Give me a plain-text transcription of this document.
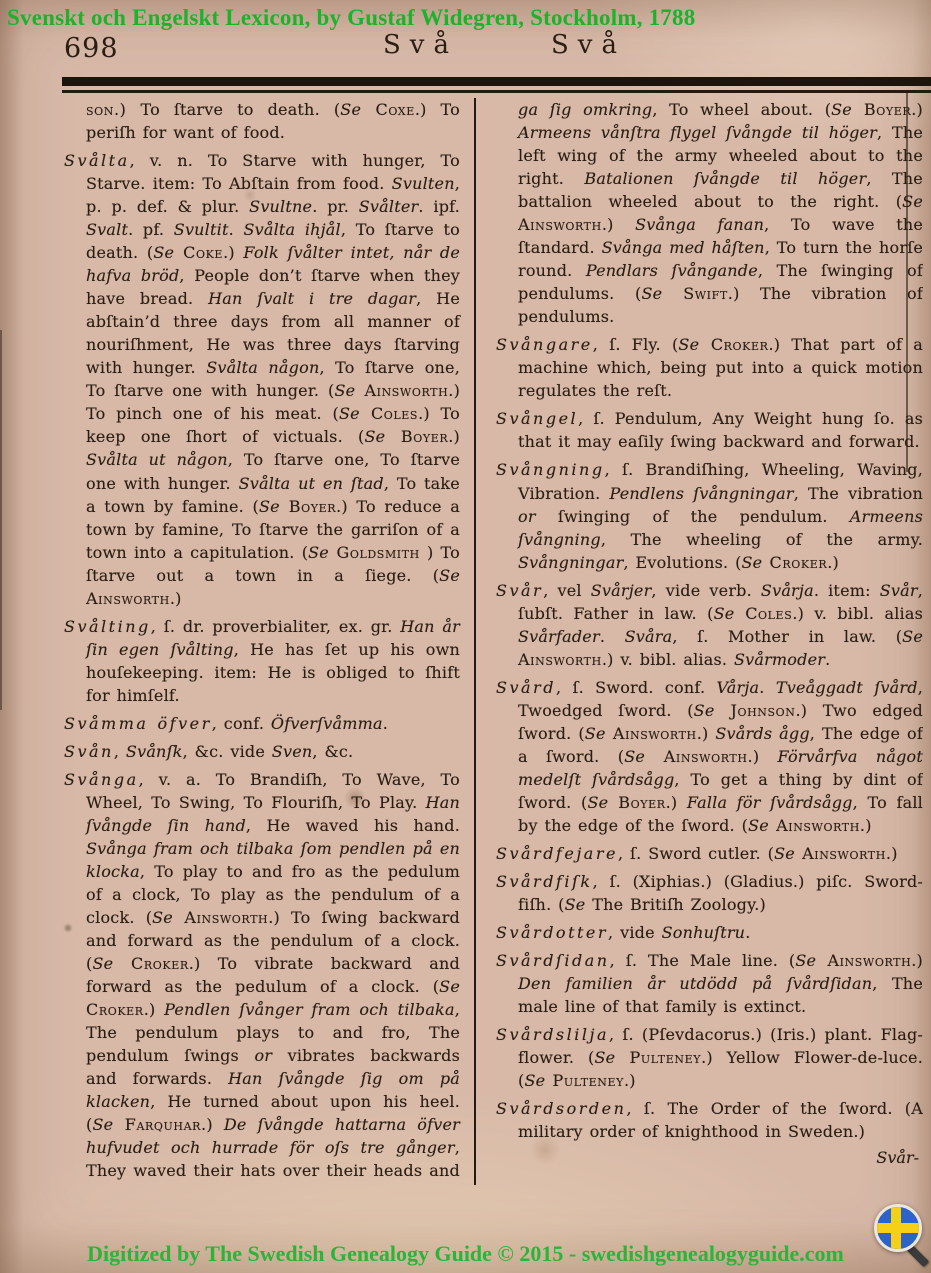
Svenskt och Engelskt Lexicon, by Gustaf Widegren, Stockholm, 1788
698	Svå	Svå

son.) To ſtarve to death. (Se Coxe.) To periſh for want of food.

Svålta, v. n. To Starve with hunger, To Starve. item: To Abſtain from food. Svulten, p. p. def. & plur. Svultne. pr. Svålter. ipf. Svalt. pf. Svultit. Svålta ihjål, To ſtarve to death. (Se Coke.) Folk ſvålter intet, når de hafva bröd, People don’t ſtarve when they have bread. Han ſvalt i tre dagar, He abſtain’d three days from all manner of nouriſhment, He was three days ſtarving with hunger. Svålta någon, To ſtarve one, To ſtarve one with hunger. (Se Ainsworth.) To pinch one of his meat. (Se Coles.) To keep one ſhort of victuals. (Se Boyer.) Svålta ut någon, To ſtarve one, To ſtarve one with hunger. Svålta ut en ſtad, To take a town by famine. (Se Boyer.) To reduce a town by famine, To ſtarve the garriſon of a town into a capitulation. (Se Goldsmith ) To ſtarve out a town in a ſiege. (Se Ainsworth.)

Svålting, ſ. dr. proverbialiter, ex. gr. Han år ſin egen ſvålting, He has ſet up his own houſekeeping. item: He is obliged to ſhift for himſelf.

Svåmma öfver, conf. Öfverſvåmma.

Svån, Svånſk, &c. vide Sven, &c.

Svånga, v. a. To Brandiſh, To Wave, To Wheel, To Swing, To Flouriſh, To Play. Han ſvångde ſin hand, He waved his hand. Svånga fram och tilbaka ſom pendlen på en klocka, To play to and fro as the pedulum of a clock, To play as the pendulum of a clock. (Se Ainsworth.) To ſwing backward and forward as the pendulum of a clock. (Se Croker.) To vibrate backward and forward as the pedulum of a clock. (Se Croker.) Pendlen ſvånger fram och tilbaka, The pendulum plays to and fro, The pendulum ſwings or vibrates backwards and forwards. Han ſvångde ſig om på klacken, He turned about upon his heel. (Se Farquhar.) De ſvångde hattarna öfver hufvudet och hurrade för oſs tre gånger, They waved their hats over their heads and

ga ſig omkring, To wheel about. (Se Boyer.) Armeens vånſtra flygel ſvångde til höger, The left wing of the army wheeled about to the right. Batalionen ſvångde til höger, The battalion wheeled about to the right. (Se Ainsworth.) Svånga fanan, To wave the ſtandard. Svånga med håſten, To turn the horſe round. Pendlars ſvångande, The ſwinging of pendulums. (Se Swift.) The vibration of pendulums.

Svångare, ſ. Fly. (Se Croker.) That part of a machine which, being put into a quick motion regulates the reſt.

Svångel, ſ. Pendulum, Any Weight hung ſo. as that it may eaſily ſwing backward and forward.

Svångning, ſ. Brandiſhing, Wheeling, Waving, Vibration. Pendlens ſvångningar, The vibration or ſwinging of the pendulum. Armeens ſvångning, The wheeling of the army. Svångningar, Evolutions. (Se Croker.)

Svår, vel Svårjer, vide verb. Svårja. item: Svår, ſubſt. Father in law. (Se Coles.) v. bibl. alias Svårfader. Svåra, ſ. Mother in law. (Se Ainsworth.) v. bibl. alias. Svårmoder.

Svård, ſ. Sword. conf. Vårja. Tveåggadt ſvård, Twoedged ſword. (Se Johnson.) Two edged ſword. (Se Ainsworth.) Svårds ågg, The edge of a ſword. (Se Ainsworth.) Förvårfva något medelſt ſvårdsågg, To get a thing by dint of ſword. (Se Boyer.) Falla för ſvårdsågg, To fall by the edge of the ſword. (Se Ainsworth.)

Svårdfejare, ſ. Sword cutler. (Se Ainsworth.)

Svårdfiſk, ſ. (Xiphias.) (Gladius.) piſc. Sword-fiſh. (Se The Britiſh Zoology.)

Svårdotter, vide Sonhuſtru.

Svårdſidan, ſ. The Male line. (Se Ainsworth.) Den familien år utdödd på ſvårdſidan, The male line of that family is extinct.

Svårdslilja, ſ. (Pſevdacorus.) (Iris.) plant. Flag-flower. (Se Pulteney.) Yellow Flower-de-luce. (Se Pulteney.)

Svårdsorden, ſ. The Order of the ſword. (A military order of knighthood in Sweden.)

Svår-

Digitized by The Swedish Genealogy Guide © 2015 - swedishgenealogyguide.com
